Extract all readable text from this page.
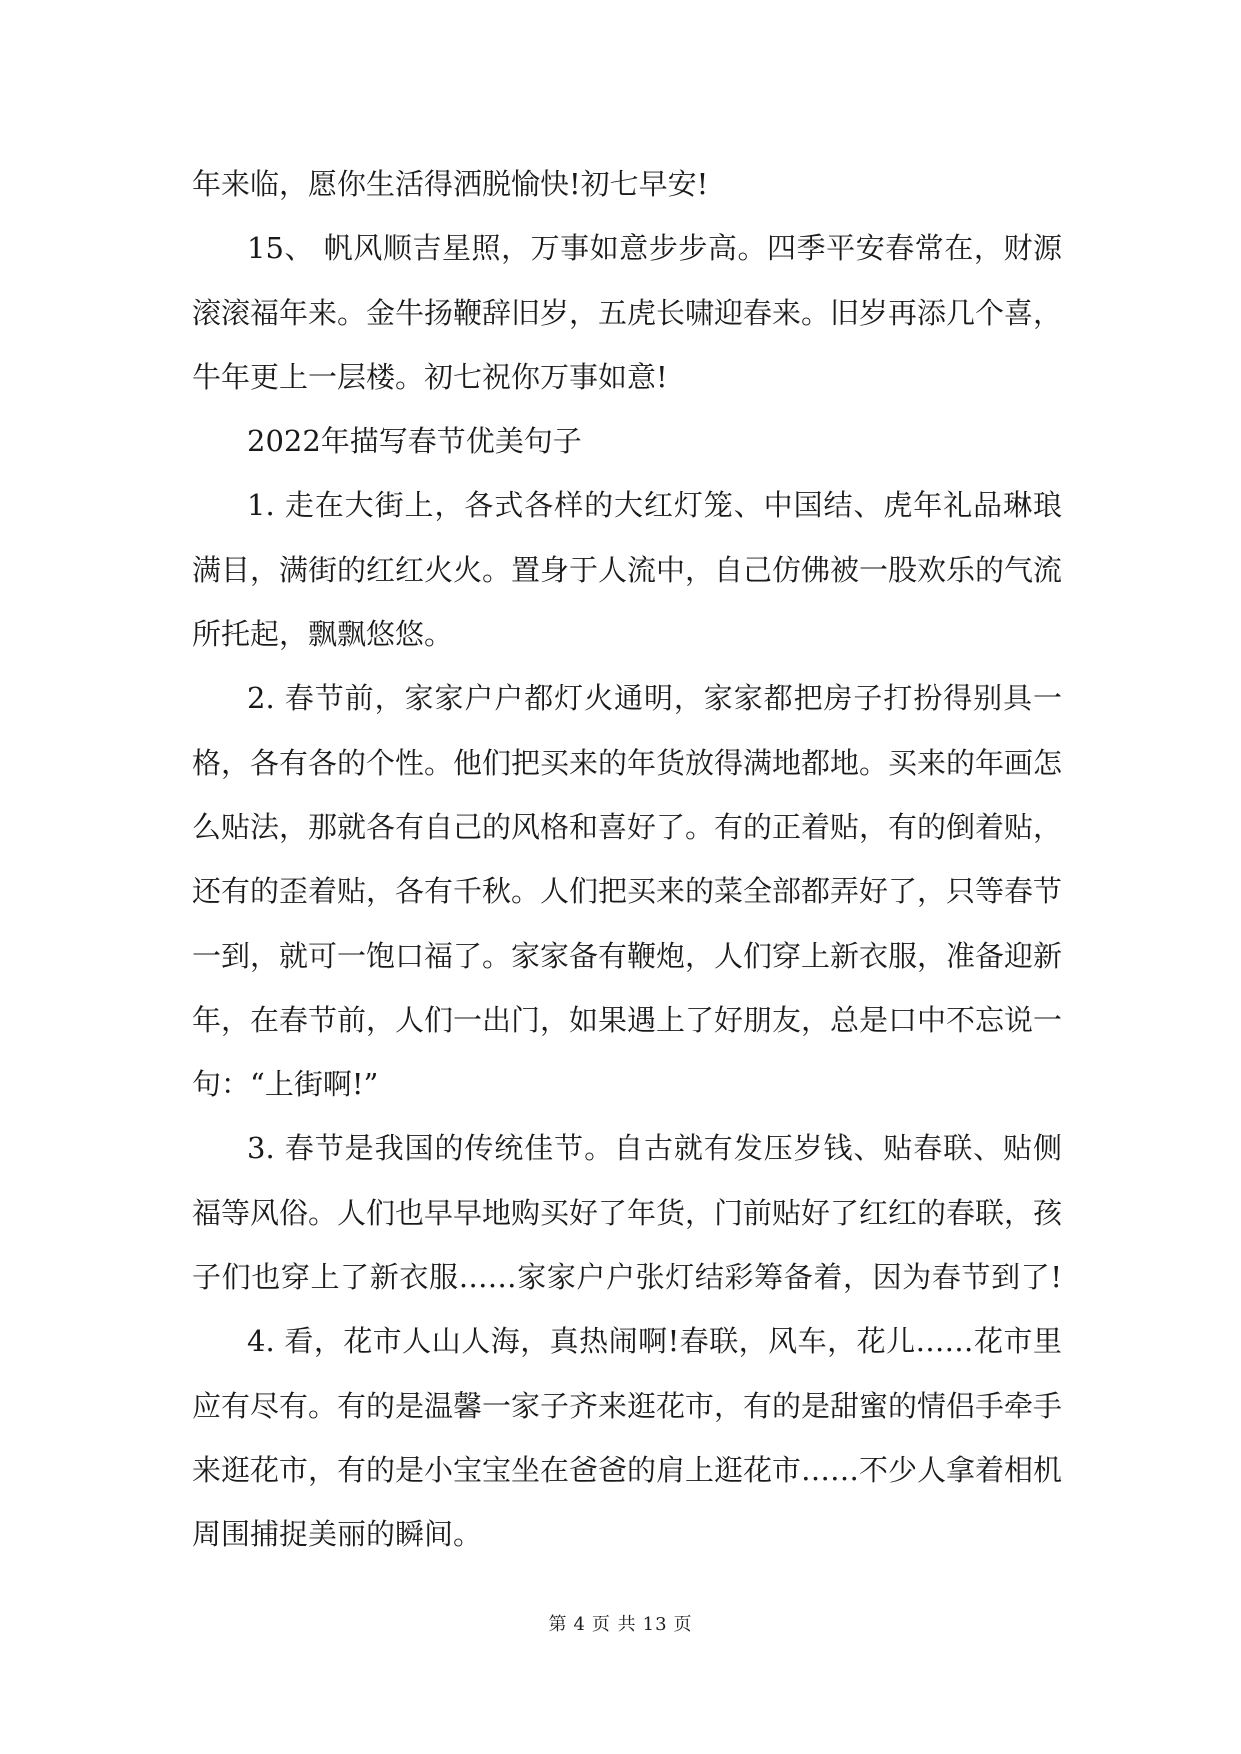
年来临，愿你生活得洒脱愉快!初七早安!
15、 帆风顺吉星照，万事如意步步高。四季平安春常在，财源
滚滚福年来。金牛扬鞭辞旧岁，五虎长啸迎春来。旧岁再添几个喜，
牛年更上一层楼。初七祝你万事如意!
2022年描写春节优美句子
1. 走在大街上，各式各样的大红灯笼、中国结、虎年礼品琳琅
满目，满街的红红火火。置身于人流中，自己仿佛被一股欢乐的气流
所托起，飘飘悠悠。
2. 春节前，家家户户都灯火通明，家家都把房子打扮得别具一
格，各有各的个性。他们把买来的年货放得满地都地。买来的年画怎
么贴法，那就各有自己的风格和喜好了。有的正着贴，有的倒着贴，
还有的歪着贴，各有千秋。人们把买来的菜全部都弄好了，只等春节
一到，就可一饱口福了。家家备有鞭炮，人们穿上新衣服，准备迎新
年，在春节前，人们一出门，如果遇上了好朋友，总是口中不忘说一
句：“上街啊!”
3. 春节是我国的传统佳节。自古就有发压岁钱、贴春联、贴侧
福等风俗。人们也早早地购买好了年货，门前贴好了红红的春联，孩
子们也穿上了新衣服……家家户户张灯结彩筹备着，因为春节到了!
4. 看，花市人山人海，真热闹啊!春联，风车，花儿……花市里
应有尽有。有的是温馨一家子齐来逛花市，有的是甜蜜的情侣手牵手
来逛花市，有的是小宝宝坐在爸爸的肩上逛花市……不少人拿着相机
周围捕捉美丽的瞬间。
第 4 页 共 13 页
